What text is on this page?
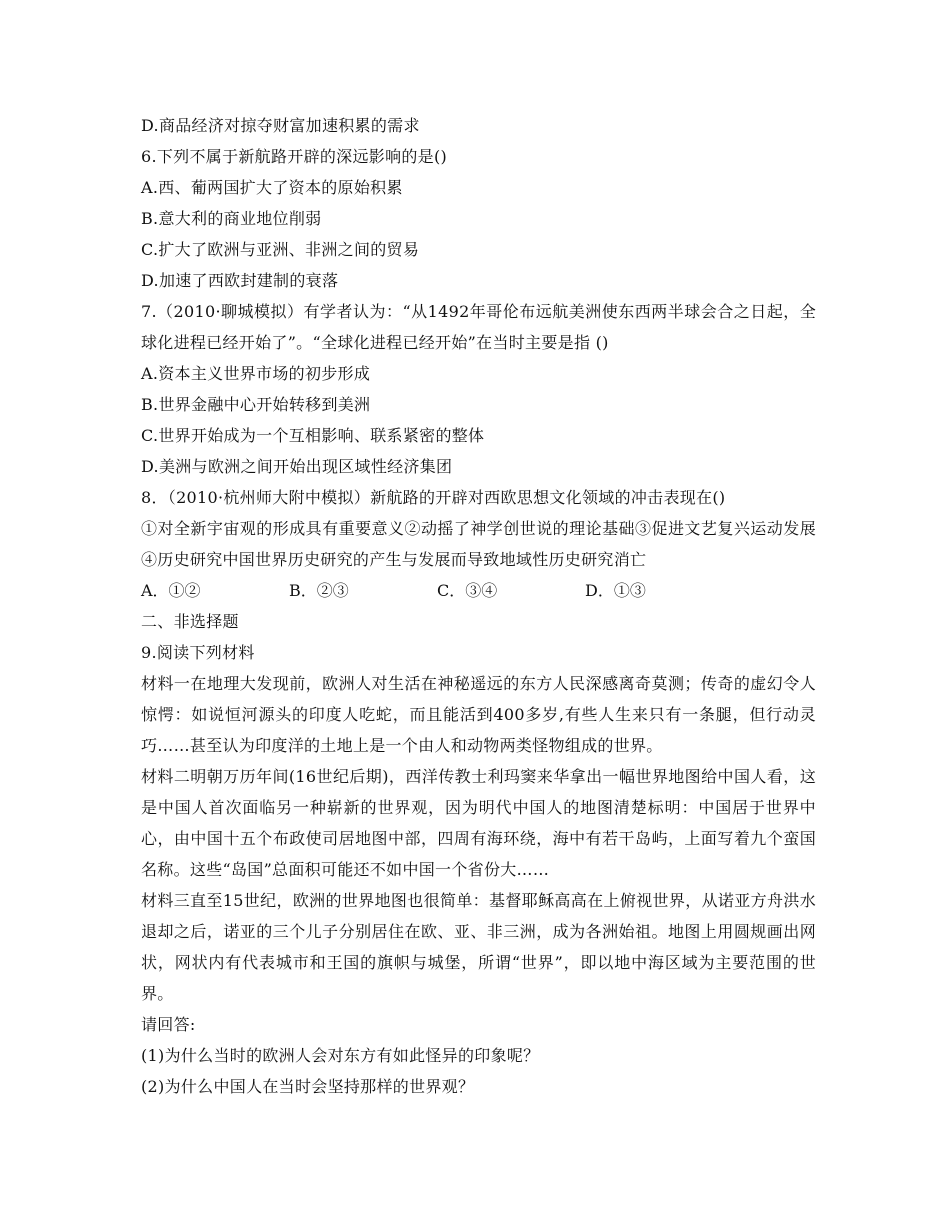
D.商品经济对掠夺财富加速积累的需求
6.下列不属于新航路开辟的深远影响的是()
A.西、葡两国扩大了资本的原始积累
B.意大利的商业地位削弱
C.扩大了欧洲与亚洲、非洲之间的贸易
D.加速了西欧封建制的衰落
7.（2010·聊城模拟）有学者认为：“从1492年哥伦布远航美洲使东西两半球会合之日起，全球化进程已经开始了”。“全球化进程已经开始”在当时主要是指 ()
A.资本主义世界市场的初步形成
B.世界金融中心开始转移到美洲
C.世界开始成为一个互相影响、联系紧密的整体
D.美洲与欧洲之间开始出现区域性经济集团
8．（2010·杭州师大附中模拟）新航路的开辟对西欧思想文化领域的冲击表现在()
①对全新宇宙观的形成具有重要意义②动摇了神学创世说的理论基础③促进文艺复兴运动发展④历史研究中国世界历史研究的产生与发展而导致地域性历史研究消亡
A．①②	B．②③	C．③④	D．①③
二、非选择题
9.阅读下列材料
材料一在地理大发现前，欧洲人对生活在神秘遥远的东方人民深感离奇莫测；传奇的虚幻令人惊愕：如说恒河源头的印度人吃蛇，而且能活到400多岁,有些人生来只有一条腿，但行动灵巧……甚至认为印度洋的土地上是一个由人和动物两类怪物组成的世界。
材料二明朝万历年间(16世纪后期)，西洋传教士利玛窦来华拿出一幅世界地图给中国人看，这是中国人首次面临另一种崭新的世界观，因为明代中国人的地图清楚标明：中国居于世界中心，由中国十五个布政使司居地图中部，四周有海环绕，海中有若干岛屿，上面写着九个蛮国名称。这些“岛国”总面积可能还不如中国一个省份大……
材料三直至15世纪，欧洲的世界地图也很简单：基督耶稣高高在上俯视世界，从诺亚方舟洪水退却之后，诺亚的三个儿子分别居住在欧、亚、非三洲，成为各洲始祖。地图上用圆规画出网状，网状内有代表城市和王国的旗帜与城堡，所谓“世界”，即以地中海区域为主要范围的世界。
请回答:
(1)为什么当时的欧洲人会对东方有如此怪异的印象呢？
(2)为什么中国人在当时会坚持那样的世界观？
